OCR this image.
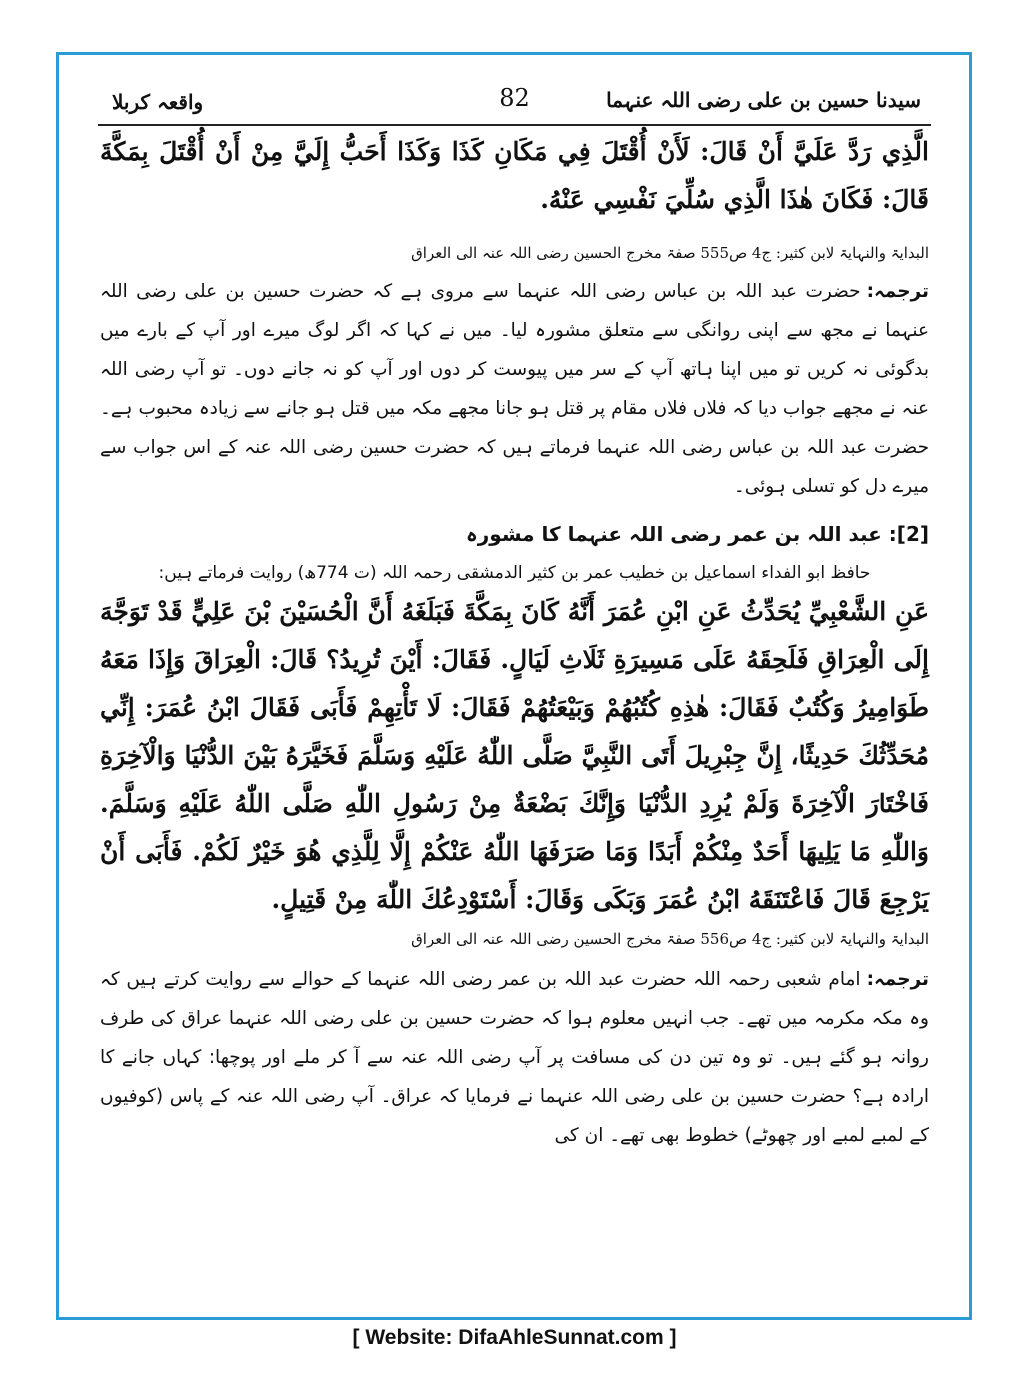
سیدنا حسین بن علی رضی اللہ عنہما
82
واقعہ کربلا

الَّذِي رَدَّ عَلَيَّ أَنْ قَالَ: لَأَنْ أُقْتَلَ فِي مَكَانِ كَذَا وَكَذَا أَحَبُّ إِلَيَّ مِنْ أَنْ أُقْتَلَ بِمَكَّةَ قَالَ: فَكَانَ هٰذَا الَّذِي سُلِّيَ نَفْسِي عَنْهُ.

البدایۃ والنہایۃ لابن کثیر: ج4 ص555 صفۃ مخرج الحسین رضی اللہ عنہ الی العراق

ترجمہ:حضرت عبد اللہ بن عباس رضی اللہ عنہما سے مروی ہے کہ حضرت حسین بن علی رضی اللہ عنہما نے مجھ سے اپنی روانگی سے متعلق مشورہ لیا۔ میں نے کہا کہ اگر لوگ میرے اور آپ کے بارے میں بدگوئی نہ کریں تو میں اپنا ہاتھ آپ کے سر میں پیوست کر دوں اور آپ کو نہ جانے دوں۔ تو آپ رضی اللہ عنہ نے مجھے جواب دیا کہ فلاں فلاں مقام پر قتل ہو جانا مجھے مکہ میں قتل ہو جانے سے زیادہ محبوب ہے۔ حضرت عبد اللہ بن عباس رضی اللہ عنہما فرماتے ہیں کہ حضرت حسین رضی اللہ عنہ کے اس جواب سے میرے دل کو تسلی ہوئی۔

[2]: عبد اللہ بن عمر رضی اللہ عنہما کا مشورہ

حافظ ابو الفداء اسماعیل بن خطیب عمر بن کثیر الدمشقی رحمہ اللہ (ت 774ھ) روایت فرماتے ہیں:

عَنِ الشَّعْبِيِّ يُحَدِّثُ عَنِ ابْنِ عُمَرَ أَنَّهُ كَانَ بِمَكَّةَ فَبَلَغَهُ أَنَّ الْحُسَيْنَ بْنَ عَلِيٍّ قَدْ تَوَجَّهَ إِلَى الْعِرَاقِ فَلَحِقَهُ عَلَى مَسِيرَةِ ثَلَاثِ لَيَالٍ. فَقَالَ: أَيْنَ تُرِيدُ؟ قَالَ: الْعِرَاقَ وَإِذَا مَعَهُ طَوَامِيرُ وَكُتُبٌ فَقَالَ: هٰذِهِ كُتُبُهُمْ وَبَيْعَتُهُمْ فَقَالَ: لَا تَأْتِهِمْ فَأَبَى فَقَالَ ابْنُ عُمَرَ: إِنِّي مُحَدِّثُكَ حَدِيثًا، إِنَّ جِبْرِيلَ أَتَى النَّبِيَّ صَلَّى اللّٰهُ عَلَيْهِ وَسَلَّمَ فَخَيَّرَهُ بَيْنَ الدُّنْيَا وَالْآخِرَةِ فَاخْتَارَ الْآخِرَةَ وَلَمْ يُرِدِ الدُّنْيَا وَإِنَّكَ بَضْعَةٌ مِنْ رَسُولِ اللّٰهِ صَلَّى اللّٰهُ عَلَيْهِ وَسَلَّمَ. وَاللّٰهِ مَا يَلِيهَا أَحَدٌ مِنْكُمْ أَبَدًا وَمَا صَرَفَهَا اللّٰهُ عَنْكُمْ إِلَّا لِلَّذِي هُوَ خَيْرٌ لَكُمْ. فَأَبَى أَنْ يَرْجِعَ قَالَ فَاعْتَنَقَهُ ابْنُ عُمَرَ وَبَكَى وَقَالَ: أَسْتَوْدِعُكَ اللّٰهَ مِنْ قَتِيلٍ.

البدایۃ والنہایۃ لابن کثیر: ج4 ص556 صفۃ مخرج الحسین رضی اللہ عنہ الی العراق

ترجمہ:امام شعبی رحمہ اللہ حضرت عبد اللہ بن عمر رضی اللہ عنہما کے حوالے سے روایت کرتے ہیں کہ وہ مکہ مکرمہ میں تھے۔ جب انہیں معلوم ہوا کہ حضرت حسین بن علی رضی اللہ عنہما عراق کی طرف روانہ ہو گئے ہیں۔ تو وہ تین دن کی مسافت پر آپ رضی اللہ عنہ سے آ کر ملے اور پوچھا: کہاں جانے کا ارادہ ہے؟ حضرت حسین بن علی رضی اللہ عنہما نے فرمایا کہ عراق۔ آپ رضی اللہ عنہ کے پاس (کوفیوں کے لمبے لمبے اور چھوٹے) خطوط بھی تھے۔ ان کی

[ Website: DifaAhleSunnat.com ]
